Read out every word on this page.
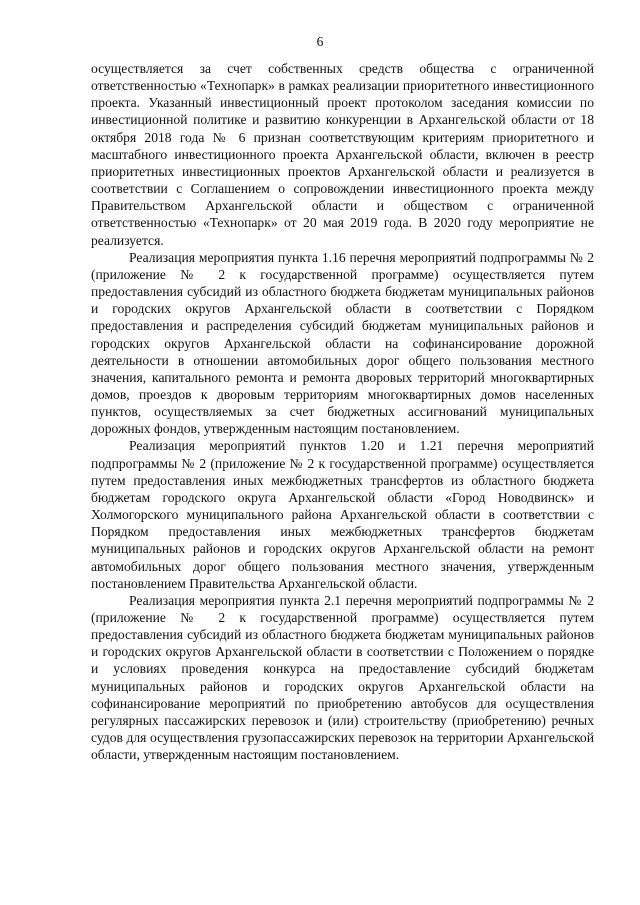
6

осуществляется за счет собственных средств общества с ограниченной ответственностью «Технопарк» в рамках реализации приоритетного инвестиционного проекта. Указанный инвестиционный проект протоколом заседания комиссии по инвестиционной политике и развитию конкуренции в Архангельской области от 18 октября 2018 года № 6 признан соответствующим критериям приоритетного и масштабного инвестиционного проекта Архангельской области, включен в реестр приоритетных инвестиционных проектов Архангельской области и реализуется в соответствии с Соглашением о сопровождении инвестиционного проекта между Правительством Архангельской области и обществом с ограниченной ответственностью «Технопарк» от 20 мая 2019 года. В 2020 году мероприятие не реализуется.

Реализация мероприятия пункта 1.16 перечня мероприятий подпрограммы № 2 (приложение № 2 к государственной программе) осуществляется путем предоставления субсидий из областного бюджета бюджетам муниципальных районов и городских округов Архангельской области в соответствии с Порядком предоставления и распределения субсидий бюджетам муниципальных районов и городских округов Архангельской области на софинансирование дорожной деятельности в отношении автомобильных дорог общего пользования местного значения, капитального ремонта и ремонта дворовых территорий многоквартирных домов, проездов к дворовым территориям многоквартирных домов населенных пунктов, осуществляемых за счет бюджетных ассигнований муниципальных дорожных фондов, утвержденным настоящим постановлением.

Реализация мероприятий пунктов 1.20 и 1.21 перечня мероприятий подпрограммы № 2 (приложение № 2 к государственной программе) осуществляется путем предоставления иных межбюджетных трансфертов из областного бюджета бюджетам городского округа Архангельской области «Город Новодвинск» и Холмогорского муниципального района Архангельской области в соответствии с Порядком предоставления иных межбюджетных трансфертов бюджетам муниципальных районов и городских округов Архангельской области на ремонт автомобильных дорог общего пользования местного значения, утвержденным постановлением Правительства Архангельской области.

Реализация мероприятия пункта 2.1 перечня мероприятий подпрограммы № 2 (приложение № 2 к государственной программе) осуществляется путем предоставления субсидий из областного бюджета бюджетам муниципальных районов и городских округов Архангельской области в соответствии с Положением о порядке и условиях проведения конкурса на предоставление субсидий бюджетам муниципальных районов и городских округов Архангельской области на софинансирование мероприятий по приобретению автобусов для осуществления регулярных пассажирских перевозок и (или) строительству (приобретению) речных судов для осуществления грузопассажирских перевозок на территории Архангельской области, утвержденным настоящим постановлением.
